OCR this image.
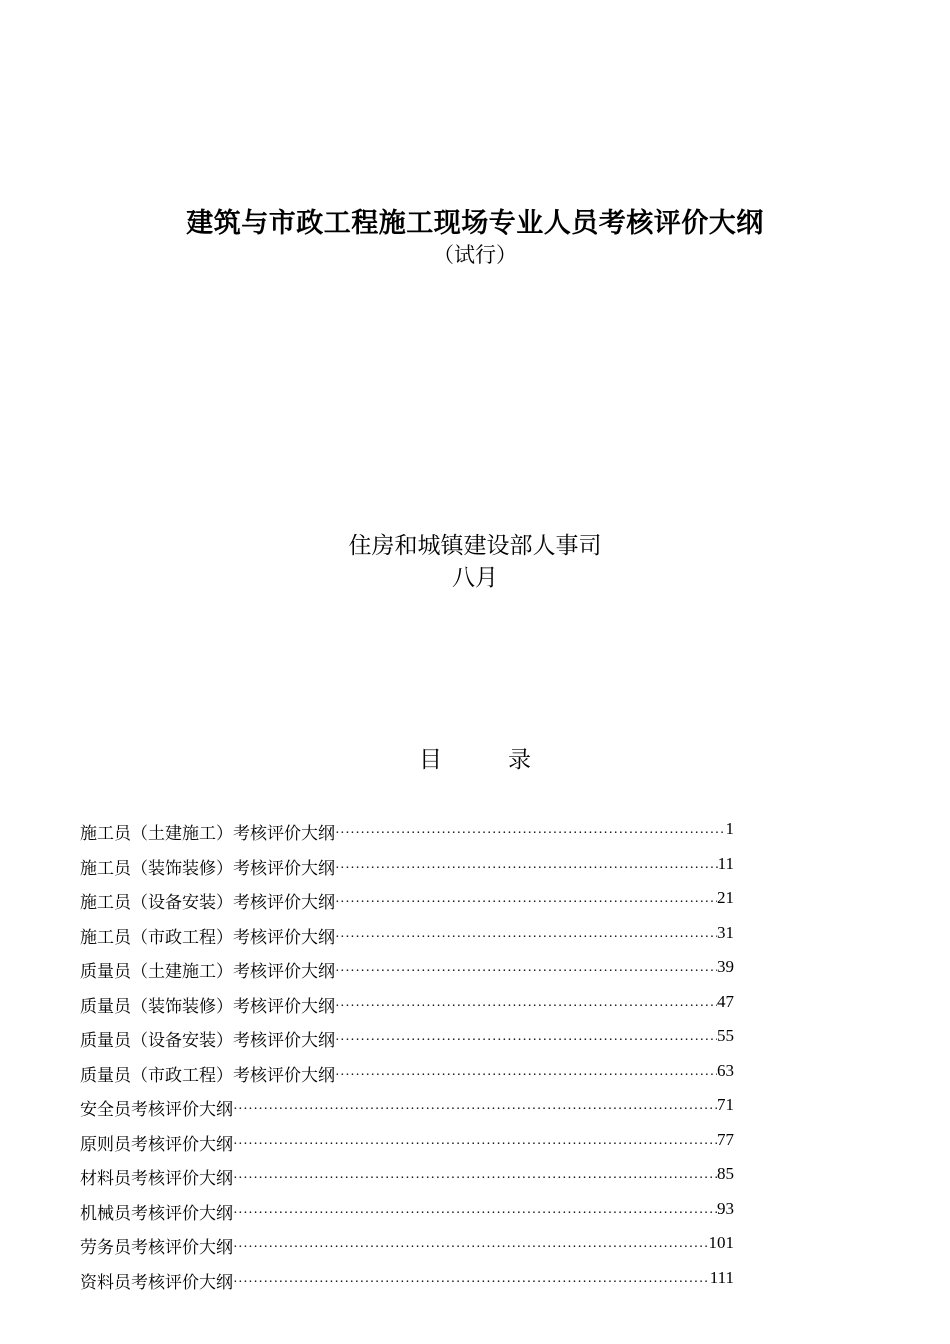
建筑与市政工程施工现场专业人员考核评价大纲
（试行）
住房和城镇建设部人事司
八月
目	录
施工员（土建施工）考核评价大纲 ·····	1
施工员（装饰装修）考核评价大纲 ·····	11
施工员（设备安装）考核评价大纲 ·····	21
施工员（市政工程）考核评价大纲 ·····	31
质量员（土建施工）考核评价大纲 ·····	39
质量员（装饰装修）考核评价大纲 ·····	47
质量员（设备安装）考核评价大纲 ·····	55
质量员（市政工程）考核评价大纲 ·····	63
安全员考核评价大纲 ·····	71
原则员考核评价大纲 ·····	77
材料员考核评价大纲 ·····	85
机械员考核评价大纲 ·····	93
劳务员考核评价大纲 ·····	101
资料员考核评价大纲 ·····	111
